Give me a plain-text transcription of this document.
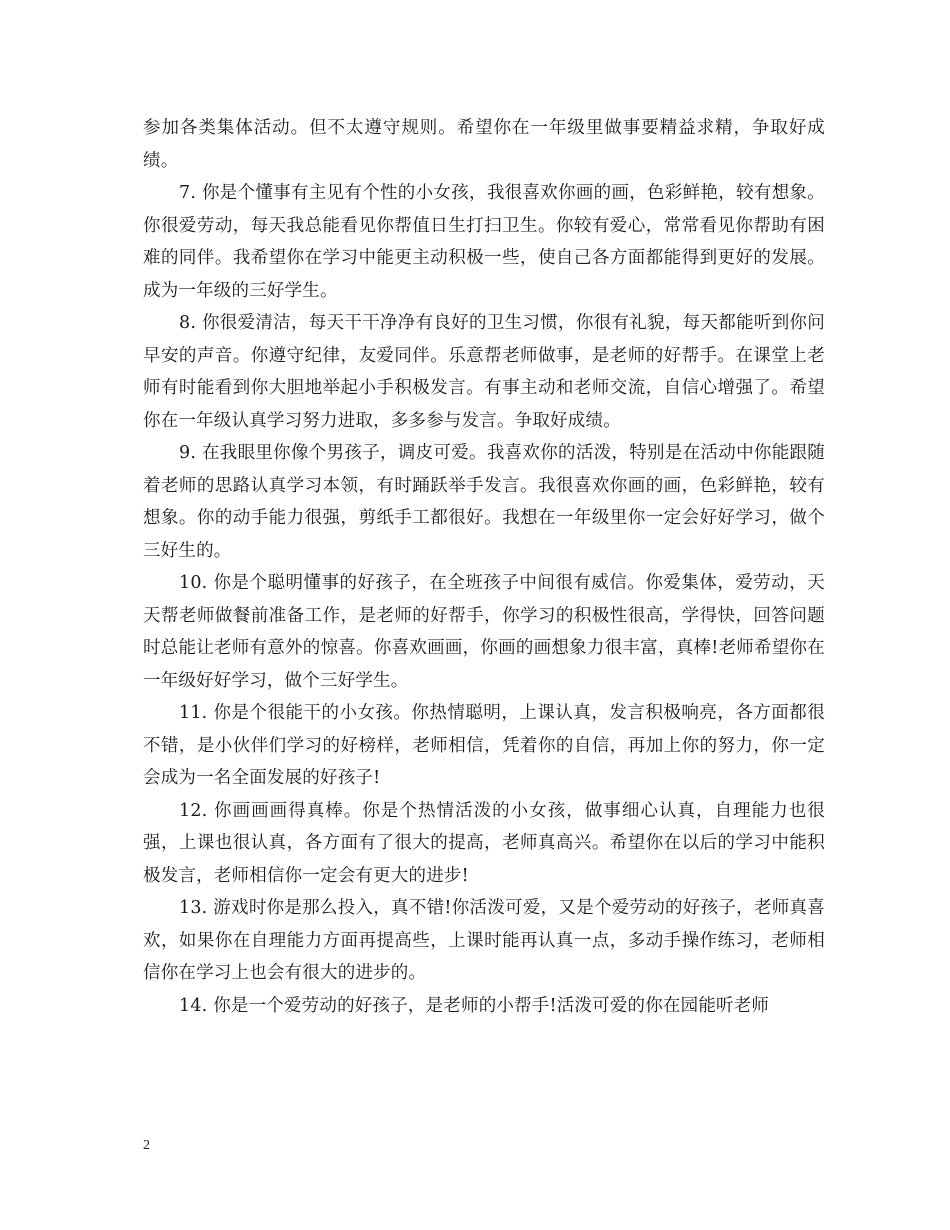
参加各类集体活动。但不太遵守规则。希望你在一年级里做事要精益求精，争取好成绩。

7. 你是个懂事有主见有个性的小女孩，我很喜欢你画的画，色彩鲜艳，较有想象。你很爱劳动，每天我总能看见你帮值日生打扫卫生。你较有爱心，常常看见你帮助有困难的同伴。我希望你在学习中能更主动积极一些，使自己各方面都能得到更好的发展。成为一年级的三好学生。

8. 你很爱清洁，每天干干净净有良好的卫生习惯，你很有礼貌，每天都能听到你问早安的声音。你遵守纪律，友爱同伴。乐意帮老师做事，是老师的好帮手。在课堂上老师有时能看到你大胆地举起小手积极发言。有事主动和老师交流，自信心增强了。希望你在一年级认真学习努力进取，多多参与发言。争取好成绩。

9. 在我眼里你像个男孩子，调皮可爱。我喜欢你的活泼，特别是在活动中你能跟随着老师的思路认真学习本领，有时踊跃举手发言。我很喜欢你画的画，色彩鲜艳，较有想象。你的动手能力很强，剪纸手工都很好。我想在一年级里你一定会好好学习，做个三好生的。

10. 你是个聪明懂事的好孩子，在全班孩子中间很有威信。你爱集体，爱劳动，天天帮老师做餐前准备工作，是老师的好帮手，你学习的积极性很高，学得快，回答问题时总能让老师有意外的惊喜。你喜欢画画，你画的画想象力很丰富，真棒!老师希望你在一年级好好学习，做个三好学生。

11. 你是个很能干的小女孩。你热情聪明，上课认真，发言积极响亮，各方面都很不错，是小伙伴们学习的好榜样，老师相信，凭着你的自信，再加上你的努力，你一定会成为一名全面发展的好孩子!

12. 你画画画得真棒。你是个热情活泼的小女孩，做事细心认真，自理能力也很强，上课也很认真，各方面有了很大的提高，老师真高兴。希望你在以后的学习中能积极发言，老师相信你一定会有更大的进步!

13. 游戏时你是那么投入，真不错!你活泼可爱，又是个爱劳动的好孩子，老师真喜欢，如果你在自理能力方面再提高些，上课时能再认真一点，多动手操作练习，老师相信你在学习上也会有很大的进步的。

14. 你是一个爱劳动的好孩子，是老师的小帮手!活泼可爱的你在园能听老师

2
